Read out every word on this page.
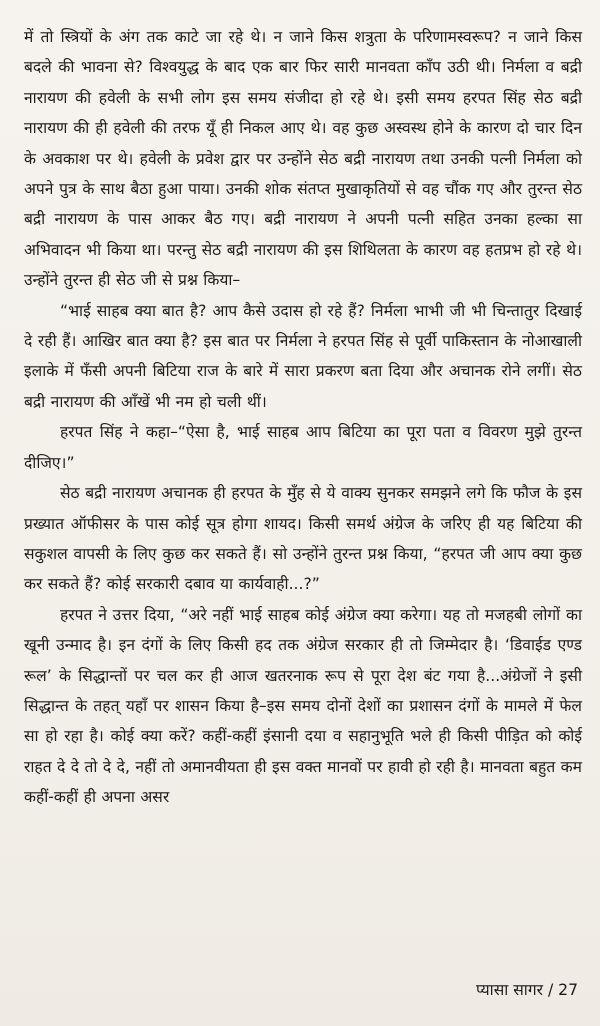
में तो स्त्रियों के अंग तक काटे जा रहे थे। न जाने किस शत्रुता के परिणामस्वरूप? न जाने किस बदले की भावना से? विश्वयुद्ध के बाद एक बार फिर सारी मानवता काँप उठी थी। निर्मला व बद्री नारायण की हवेली के सभी लोग इस समय संजीदा हो रहे थे। इसी समय हरपत सिंह सेठ बद्री नारायण की ही हवेली की तरफ यूँ ही निकल आए थे। वह कुछ अस्वस्थ होने के कारण दो चार दिन के अवकाश पर थे। हवेली के प्रवेश द्वार पर उन्होंने सेठ बद्री नारायण तथा उनकी पत्नी निर्मला को अपने पुत्र के साथ बैठा हुआ पाया। उनकी शोक संतप्त मुखाकृतियों से वह चौंक गए और तुरन्त सेठ बद्री नारायण के पास आकर बैठ गए। बद्री नारायण ने अपनी पत्नी सहित उनका हल्का सा अभिवादन भी किया था। परन्तु सेठ बद्री नारायण की इस शिथिलता के कारण वह हतप्रभ हो रहे थे। उन्होंने तुरन्त ही सेठ जी से प्रश्न किया–

“भाई साहब क्या बात है? आप कैसे उदास हो रहे हैं? निर्मला भाभी जी भी चिन्तातुर दिखाई दे रही हैं। आखिर बात क्या है? इस बात पर निर्मला ने हरपत सिंह से पूर्वी पाकिस्तान के नोआखाली इलाके में फँसी अपनी बिटिया राज के बारे में सारा प्रकरण बता दिया और अचानक रोने लगीं। सेठ बद्री नारायण की आँखें भी नम हो चली थीं।

हरपत सिंह ने कहा–“ऐसा है, भाई साहब आप बिटिया का पूरा पता व विवरण मुझे तुरन्त दीजिए।”

सेठ बद्री नारायण अचानक ही हरपत के मुँह से ये वाक्य सुनकर समझने लगे कि फौज के इस प्रख्यात ऑफीसर के पास कोई सूत्र होगा शायद। किसी समर्थ अंग्रेज के जरिए ही यह बिटिया की सकुशल वापसी के लिए कुछ कर सकते हैं। सो उन्होंने तुरन्त प्रश्न किया, “हरपत जी आप क्या कुछ कर सकते हैं? कोई सरकारी दबाव या कार्यवाही...?”

हरपत ने उत्तर दिया, “अरे नहीं भाई साहब कोई अंग्रेज क्या करेगा। यह तो मजहबी लोगों का खूनी उन्माद है। इन दंगों के लिए किसी हद तक अंग्रेज सरकार ही तो जिम्मेदार है। ‘डिवाईड एण्ड रूल’ के सिद्धान्तों पर चल कर ही आज खतरनाक रूप से पूरा देश बंट गया है...अंग्रेजों ने इसी सिद्धान्त के तहत् यहाँ पर शासन किया है–इस समय दोनों देशों का प्रशासन दंगों के मामले में फेल सा हो रहा है। कोई क्या करें? कहीं-कहीं इंसानी दया व सहानुभूति भले ही किसी पीड़ित को कोई राहत दे दे तो दे दे, नहीं तो अमानवीयता ही इस वक्त मानवों पर हावी हो रही है। मानवता बहुत कम कहीं-कहीं ही अपना असर

प्यासा सागर / 27
